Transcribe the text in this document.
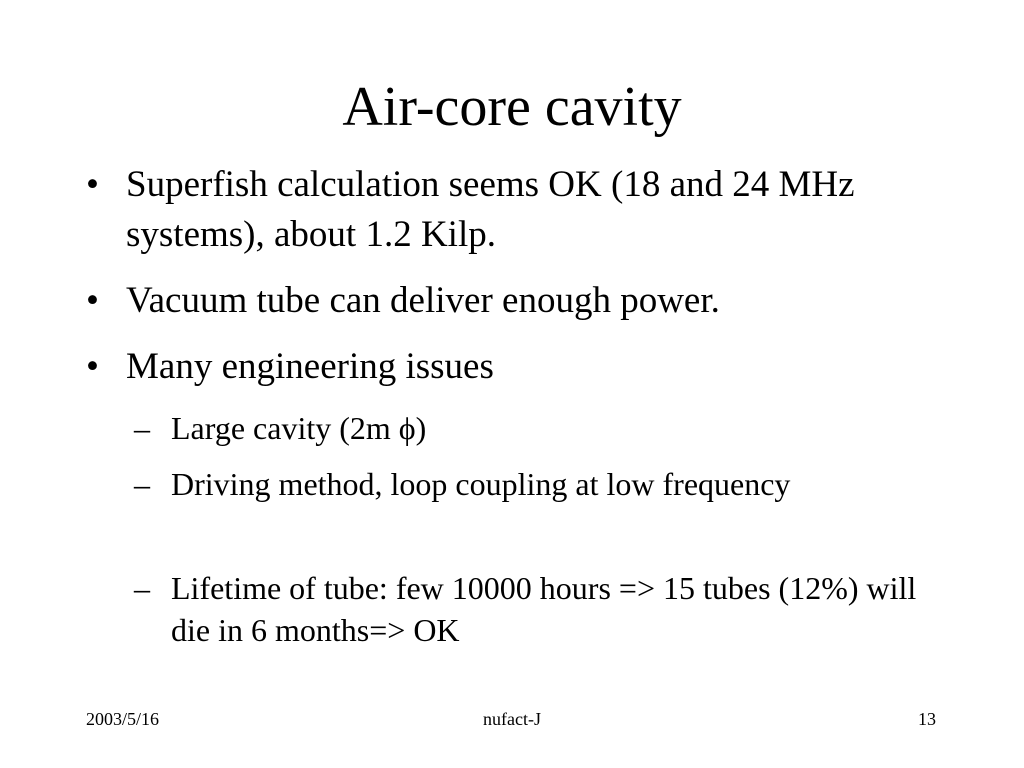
Air-core cavity
• Superfish calculation seems OK (18 and 24 MHz systems), about 1.2 Kilp.
• Vacuum tube can deliver enough power.
• Many engineering issues
– Large cavity (2m ϕ)
– Driving method, loop coupling at low frequency
– Lifetime of tube: few 10000 hours => 15 tubes (12%) will die in 6 months=> OK
2003/5/16	nufact-J	13
